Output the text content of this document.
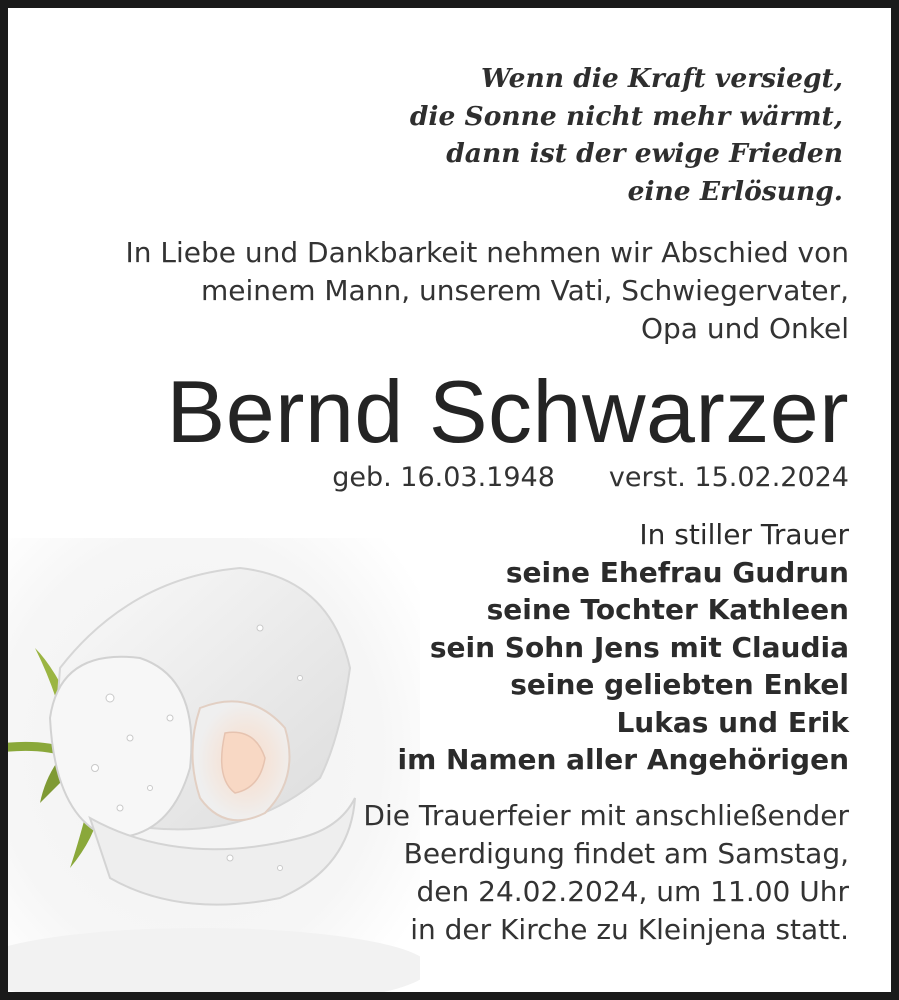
Wenn die Kraft versiegt,
die Sonne nicht mehr wärmt,
dann ist der ewige Frieden
eine Erlösung.
In Liebe und Dankbarkeit nehmen wir Abschied von
meinem Mann, unserem Vati, Schwiegervater,
Opa und Onkel
Bernd Schwarzer
geb. 16.03.1948 verst. 15.02.2024
In stiller Trauer
seine Ehefrau Gudrun
seine Tochter Kathleen
sein Sohn Jens mit Claudia
seine geliebten Enkel
Lukas und Erik
im Namen aller Angehörigen
Die Trauerfeier mit anschließender
Beerdigung findet am Samstag,
den 24.02.2024, um 11.00 Uhr
in der Kirche zu Kleinjena statt.
